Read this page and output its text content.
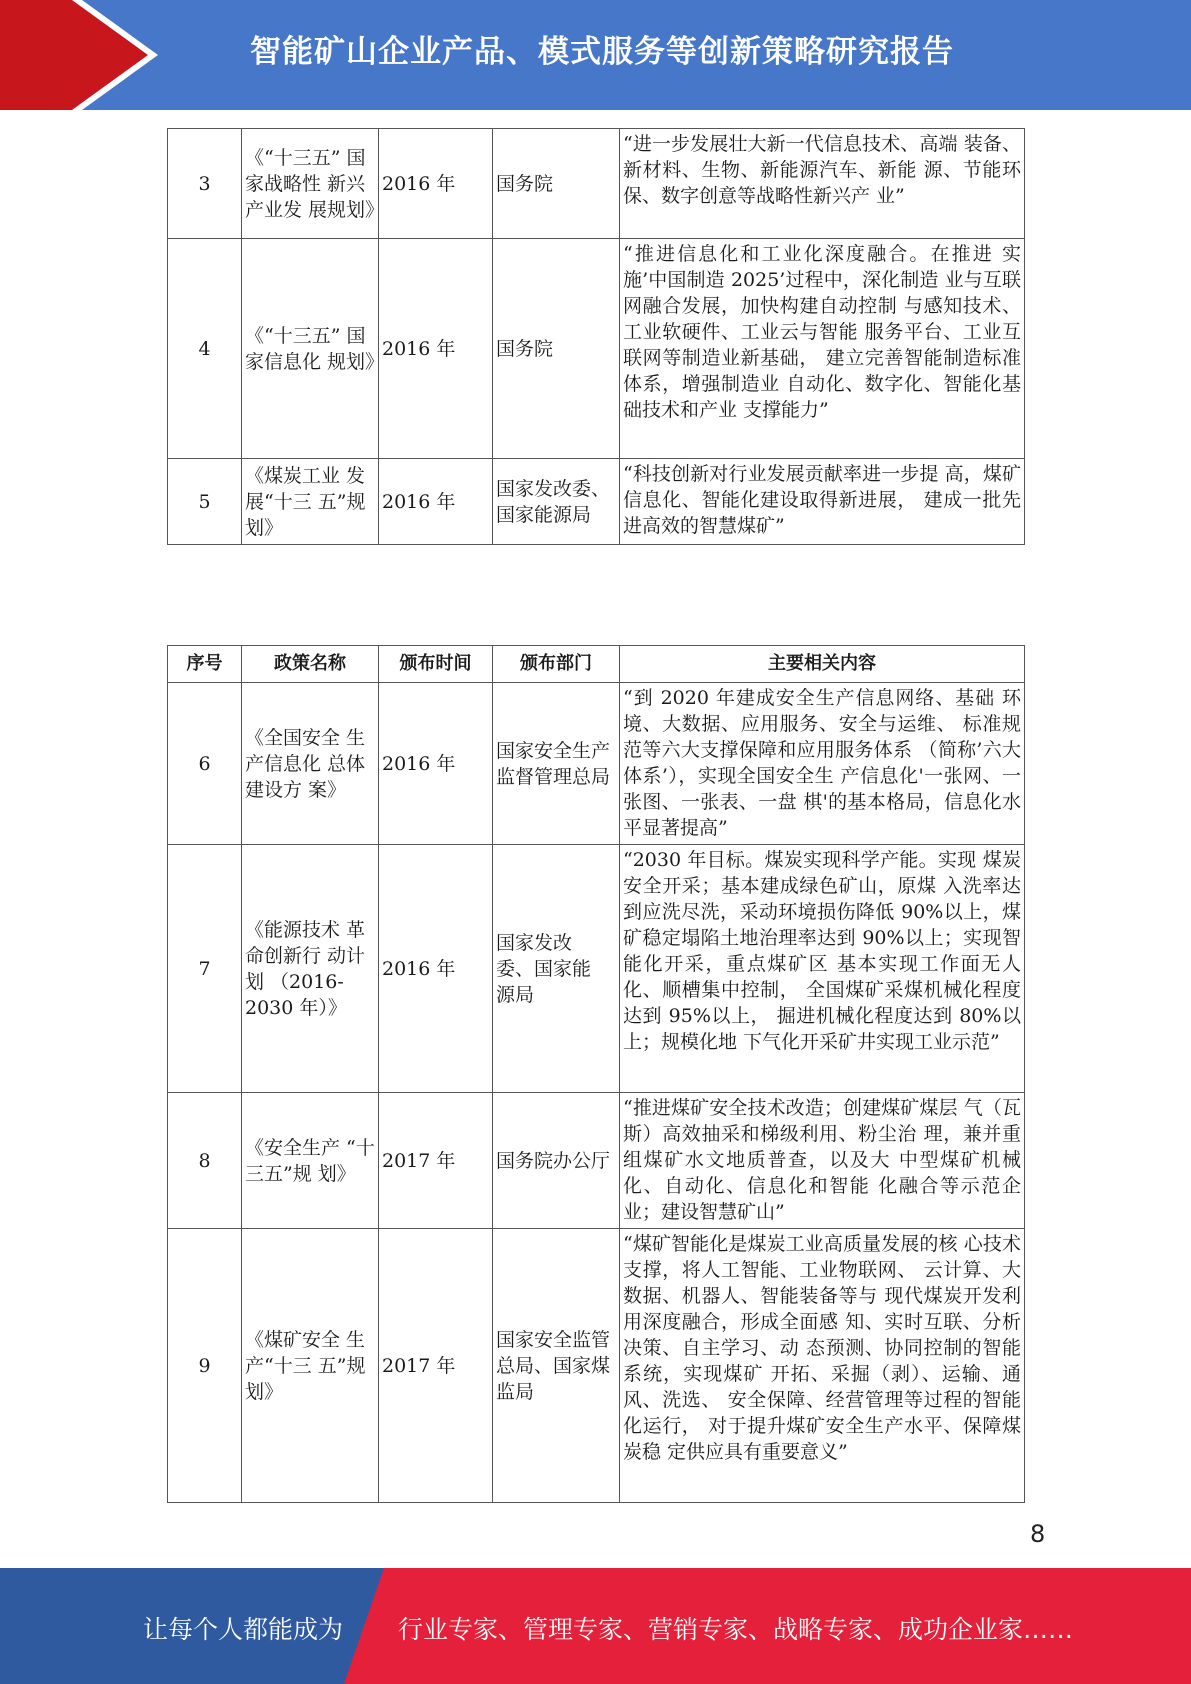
智能矿山企业产品、模式服务等创新策略研究报告
3	《“十三五” 国家战略性 新兴产业发 展规划》	2016 年	国务院	“进一步发展壮大新一代信息技术、高端 装备、新材料、生物、新能源汽车、新能 源、节能环保、数字创意等战略性新兴产 业”
4	《“十三五” 国家信息化 规划》	2016 年	国务院	“推进信息化和工业化深度融合。在推进 实施’中国制造 2025’过程中，深化制造 业与互联网融合发展，加快构建自动控制 与感知技术、工业软硬件、工业云与智能 服务平台、工业互联网等制造业新基础， 建立完善智能制造标准体系，增强制造业 自动化、数字化、智能化基础技术和产业 支撑能力”
5	《煤炭工业 发展“十三 五”规划》	2016 年	国家发改委、国家能源局	“科技创新对行业发展贡献率进一步提 高，煤矿信息化、智能化建设取得新进展， 建成一批先进高效的智慧煤矿”
序号	政策名称	颁布时间	颁布部门	主要相关内容
6	《全国安全 生产信息化 总体建设方 案》	2016 年	国家安全生产监督管理总局	“到 2020 年建成安全生产信息网络、基础 环境、大数据、应用服务、安全与运维、 标准规范等六大支撑保障和应用服务体系 （简称’六大体系’），实现全国安全生 产信息化'一张网、一张图、一张表、一盘 棋'的基本格局，信息化水平显著提高”
7	《能源技术 革命创新行 动计划 （2016-2030 年）》	2016 年	国家发改 委、国家能 源局	“2030 年目标。煤炭实现科学产能。实现 煤炭安全开采；基本建成绿色矿山，原煤 入洗率达到应洗尽洗，采动环境损伤降低 90%以上，煤矿稳定塌陷土地治理率达到 90%以上；实现智能化开采，重点煤矿区 基本实现工作面无人化、顺槽集中控制， 全国煤矿采煤机械化程度达到 95%以上， 掘进机械化程度达到 80%以上；规模化地 下气化开采矿井实现工业示范”
8	《安全生产 “十三五”规 划》	2017 年	国务院办公厅	“推进煤矿安全技术改造；创建煤矿煤层 气（瓦斯）高效抽采和梯级利用、粉尘治 理，兼并重组煤矿水文地质普查，以及大 中型煤矿机械化、自动化、信息化和智能 化融合等示范企业；建设智慧矿山”
9	《煤矿安全 生产“十三 五”规划》	2017 年	国家安全监管总局、国家煤监局	“煤矿智能化是煤炭工业高质量发展的核 心技术支撑，将人工智能、工业物联网、 云计算、大数据、机器人、智能装备等与 现代煤炭开发利用深度融合，形成全面感 知、实时互联、分析决策、自主学习、动 态预测、协同控制的智能系统，实现煤矿 开拓、采掘（剥）、运输、通风、洗选、 安全保障、经营管理等过程的智能化运行， 对于提升煤矿安全生产水平、保障煤炭稳 定供应具有重要意义”
8
让每个人都能成为 行业专家、管理专家、营销专家、战略专家、成功企业家……
